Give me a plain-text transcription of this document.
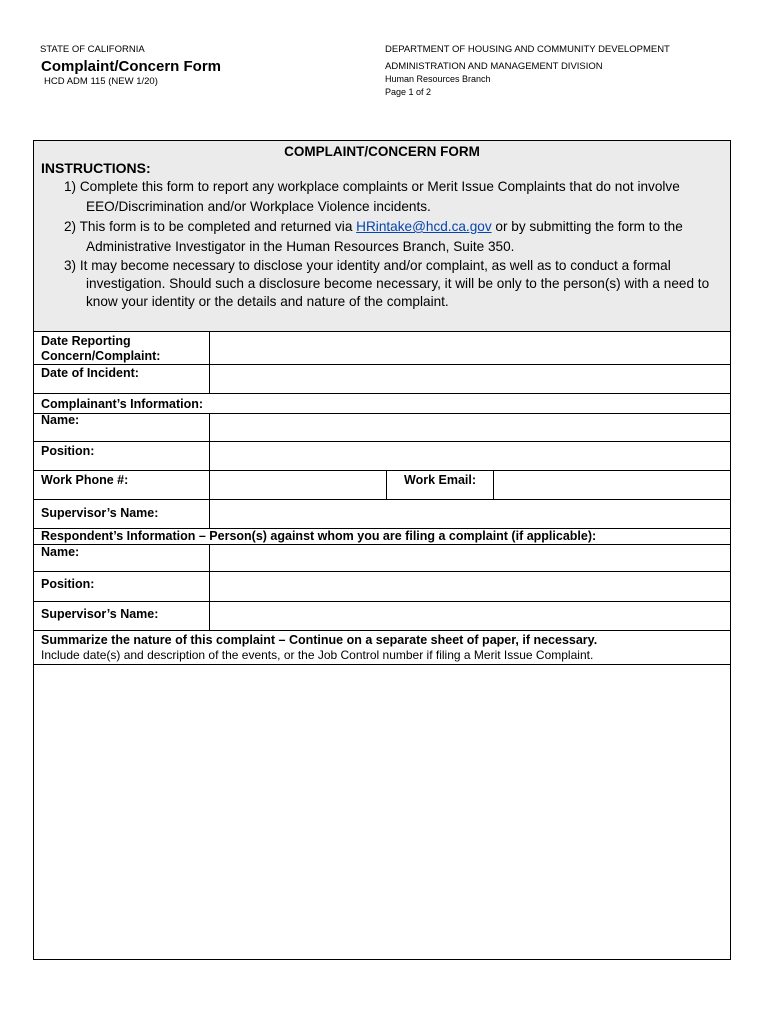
STATE OF CALIFORNIA
Complaint/Concern Form
HCD ADM 115 (NEW 1/20)
DEPARTMENT OF HOUSING AND COMMUNITY DEVELOPMENT
ADMINISTRATION AND MANAGEMENT DIVISION
Human Resources Branch
Page 1 of 2
COMPLAINT/CONCERN FORM
INSTRUCTIONS:
1) Complete this form to report any workplace complaints or Merit Issue Complaints that do not involve EEO/Discrimination and/or Workplace Violence incidents.
2) This form is to be completed and returned via HRintake@hcd.ca.gov or by submitting the form to the Administrative Investigator in the Human Resources Branch, Suite 350.
3) It may become necessary to disclose your identity and/or complaint, as well as to conduct a formal investigation. Should such a disclosure become necessary, it will be only to the person(s) with a need to know your identity or the details and nature of the complaint.
Date Reporting Concern/Complaint:
Date of Incident:
Complainant’s Information:
Name:
Position:
Work Phone #:	Work Email:
Supervisor’s Name:
Respondent’s Information – Person(s) against whom you are filing a complaint (if applicable):
Name:
Position:
Supervisor’s Name:
Summarize the nature of this complaint – Continue on a separate sheet of paper, if necessary.
Include date(s) and description of the events, or the Job Control number if filing a Merit Issue Complaint.
